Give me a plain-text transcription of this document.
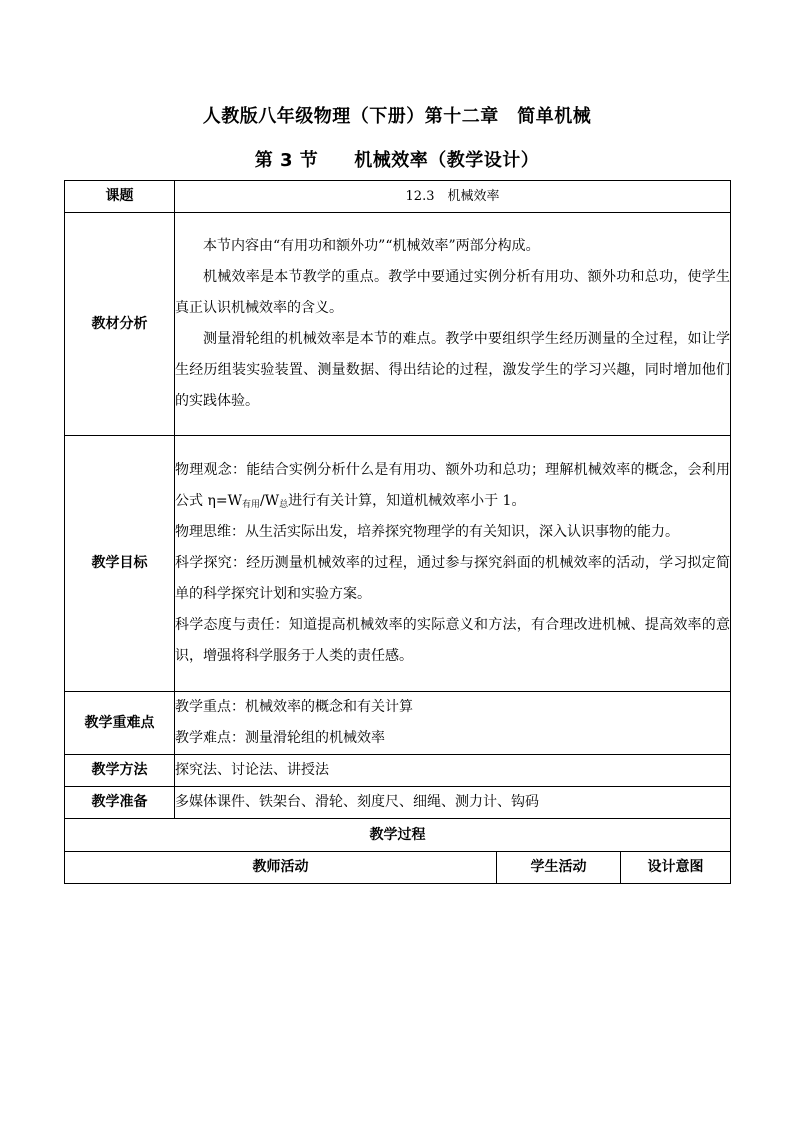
人教版八年级物理（下册）第十二章　简单机械
第 3 节 机械效率（教学设计）
课题	12.3　机械效率		
教材分析	本节内容由“有用功和额外功”“机械效率”两部分构成。

机械效率是本节教学的重点。教学中要通过实例分析有用功、额外功和总功，使学生真正认识机械效率的含义。

测量滑轮组的机械效率是本节的难点。教学中要组织学生经历测量的全过程，如让学生经历组装实验装置、测量数据、得出结论的过程，激发学生的学习兴趣，同时增加他们的实践体验。		

教学目标	物理观念：能结合实例分析什么是有用功、额外功和总功；理解机械效率的概念，会利用公式 $\eta=W_{有用}/W_总$进行有关计算，知道机械效率小于 1。

物理思维：从生活实际出发，培养探究物理学的有关知识，深入认识事物的能力。

科学探究：经历测量机械效率的过程，通过参与探究斜面的机械效率的活动，学习拟定简单的科学探究计划和实验方案。

科学态度与责任：知道提高机械效率的实际意义和方法，有合理改进机械、提高效率的意识，增强将科学服务于人类的责任感。		

教学重难点	教学重点：机械效率的概念和有关计算

教学难点：测量滑轮组的机械效率		

教学方法	探究法、讨论法、讲授法		
教学准备	多媒体课件、铁架台、滑轮、刻度尺、细绳、测力计、钩码		
教学过程			
教师活动		学生活动	设计意图
